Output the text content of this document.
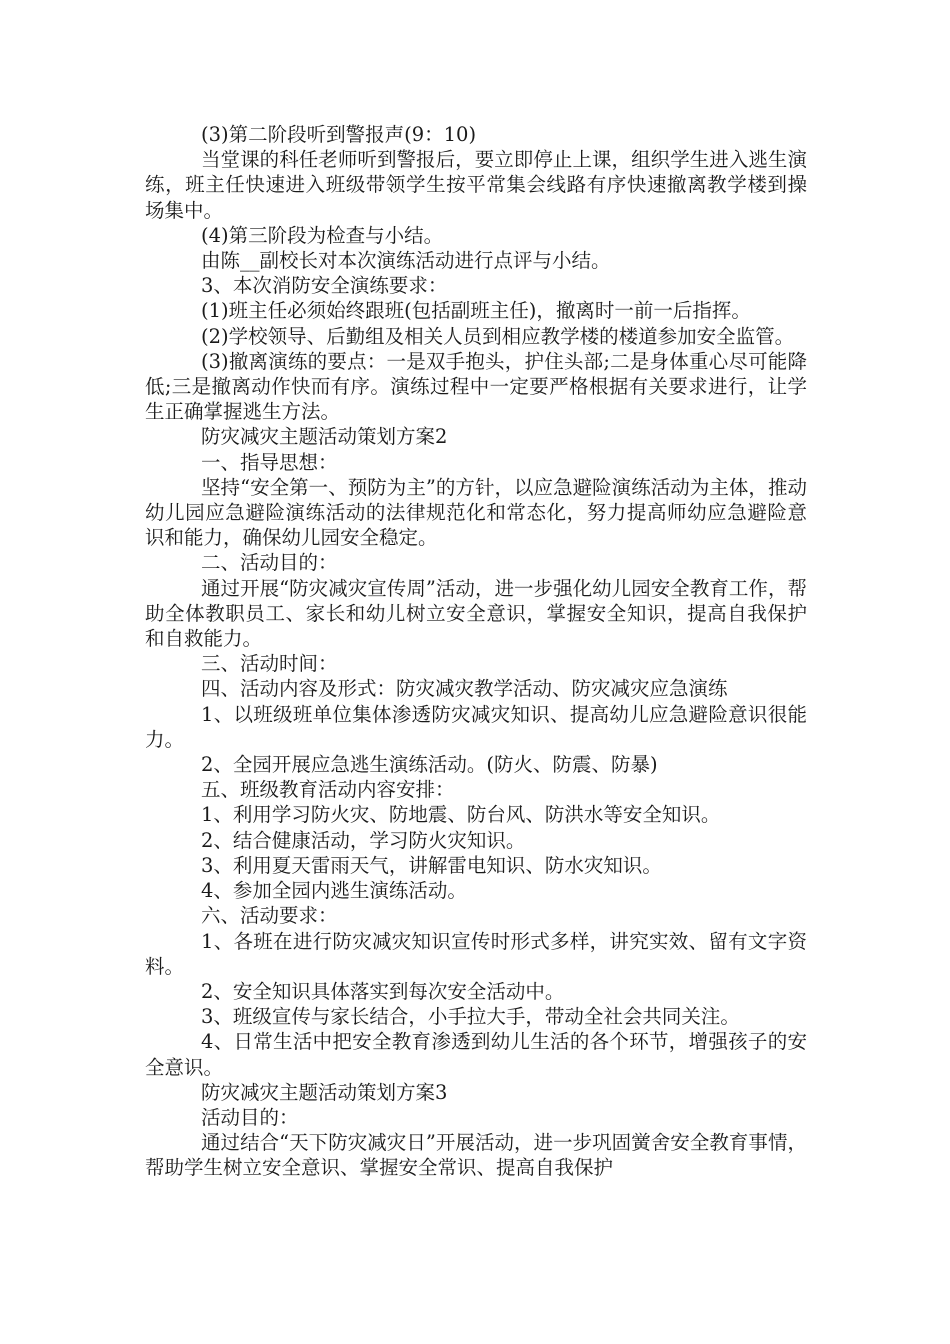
(3)第二阶段听到警报声(9：10)

当堂课的科任老师听到警报后，要立即停止上课，组织学生进入逃生演练，班主任快速进入班级带领学生按平常集会线路有序快速撤离教学楼到操场集中。

(4)第三阶段为检查与小结。

由陈__副校长对本次演练活动进行点评与小结。

3、本次消防安全演练要求：

(1)班主任必须始终跟班(包括副班主任)，撤离时一前一后指挥。

(2)学校领导、后勤组及相关人员到相应教学楼的楼道参加安全监管。

(3)撤离演练的要点：一是双手抱头，护住头部;二是身体重心尽可能降低;三是撤离动作快而有序。演练过程中一定要严格根据有关要求进行，让学生正确掌握逃生方法。

防灾减灾主题活动策划方案2

一、指导思想：

坚持“安全第一、预防为主”的方针，以应急避险演练活动为主体，推动幼儿园应急避险演练活动的法律规范化和常态化，努力提高师幼应急避险意识和能力，确保幼儿园安全稳定。

二、活动目的：

通过开展“防灾减灾宣传周”活动，进一步强化幼儿园安全教育工作，帮助全体教职员工、家长和幼儿树立安全意识，掌握安全知识，提高自我保护和自救能力。

三、活动时间：

四、活动内容及形式：防灾减灾教学活动、防灾减灾应急演练

1、以班级班单位集体渗透防灾减灾知识、提高幼儿应急避险意识很能力。

2、全园开展应急逃生演练活动。(防火、防震、防暴)

五、班级教育活动内容安排：

1、利用学习防火灾、防地震、防台风、防洪水等安全知识。

2、结合健康活动，学习防火灾知识。

3、利用夏天雷雨天气，讲解雷电知识、防水灾知识。

4、参加全园内逃生演练活动。

六、活动要求：

1、各班在进行防灾减灾知识宣传时形式多样，讲究实效、留有文字资料。

2、安全知识具体落实到每次安全活动中。

3、班级宣传与家长结合，小手拉大手，带动全社会共同关注。

4、日常生活中把安全教育渗透到幼儿生活的各个环节，增强孩子的安全意识。

防灾减灾主题活动策划方案3

活动目的：

通过结合“天下防灾减灾日”开展活动，进一步巩固黉舍安全教育事情，帮助学生树立安全意识、掌握安全常识、提高自我保护
